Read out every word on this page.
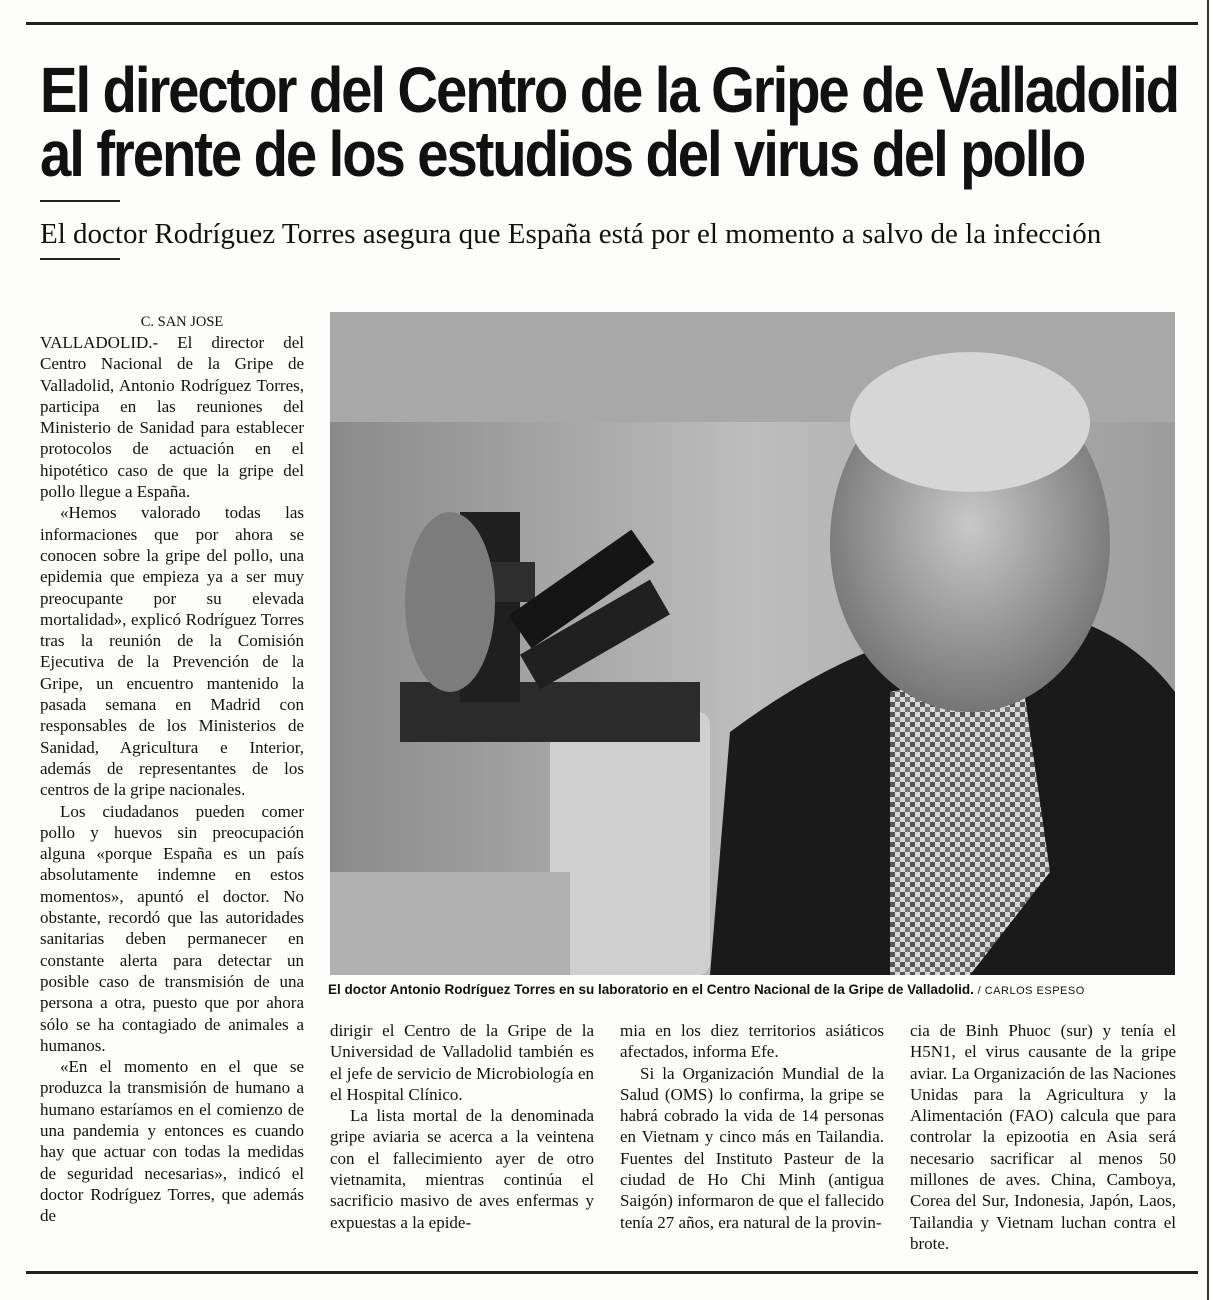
El director del Centro de la Gripe de Valladolid
al frente de los estudios del virus del pollo
El doctor Rodríguez Torres asegura que España está por el momento a salvo de la infección

C. SAN JOSE

VALLADOLID.- El director del Centro Nacional de la Gripe de Valladolid, Antonio Rodríguez Torres, participa en las reuniones del Ministerio de Sanidad para establecer protocolos de actuación en el hipotético caso de que la gripe del pollo llegue a España.

«Hemos valorado todas las informaciones que por ahora se conocen sobre la gripe del pollo, una epidemia que empieza ya a ser muy preocupante por su elevada mortalidad», explicó Rodríguez Torres tras la reunión de la Comisión Ejecutiva de la Prevención de la Gripe, un encuentro mantenido la pasada semana en Madrid con responsables de los Ministerios de Sanidad, Agricultura e Interior, además de representantes de los centros de la gripe nacionales.

Los ciudadanos pueden comer pollo y huevos sin preocupación alguna «porque España es un país absolutamente indemne en estos momentos», apuntó el doctor. No obstante, recordó que las autoridades sanitarias deben permanecer en constante alerta para detectar un posible caso de transmisión de una persona a otra, puesto que por ahora sólo se ha contagiado de animales a humanos.

«En el momento en el que se produzca la transmisión de humano a humano estaríamos en el comienzo de una pandemia y entonces es cuando hay que actuar con todas la medidas de seguridad necesarias», indicó el doctor Rodríguez Torres, que además de

El doctor Antonio Rodríguez Torres en su laboratorio en el Centro Nacional de la Gripe de Valladolid. / CARLOS ESPESO

dirigir el Centro de la Gripe de la Universidad de Valladolid también es el jefe de servicio de Microbiología en el Hospital Clínico.

La lista mortal de la denominada gripe aviaria se acerca a la veintena con el fallecimiento ayer de otro vietnamita, mientras continúa el sacrificio masivo de aves enfermas y expuestas a la epide-

mia en los diez territorios asiáticos afectados, informa Efe.

Si la Organización Mundial de la Salud (OMS) lo confirma, la gripe se habrá cobrado la vida de 14 personas en Vietnam y cinco más en Tailandia. Fuentes del Instituto Pasteur de la ciudad de Ho Chi Minh (antigua Saigón) informaron de que el fallecido tenía 27 años, era natural de la provin-

cia de Binh Phuoc (sur) y tenía el H5N1, el virus causante de la gripe aviar. La Organización de las Naciones Unidas para la Agricultura y la Alimentación (FAO) calcula que para controlar la epizootia en Asia será necesario sacrificar al menos 50 millones de aves. China, Camboya, Corea del Sur, Indonesia, Japón, Laos, Tailandia y Vietnam luchan contra el brote.
